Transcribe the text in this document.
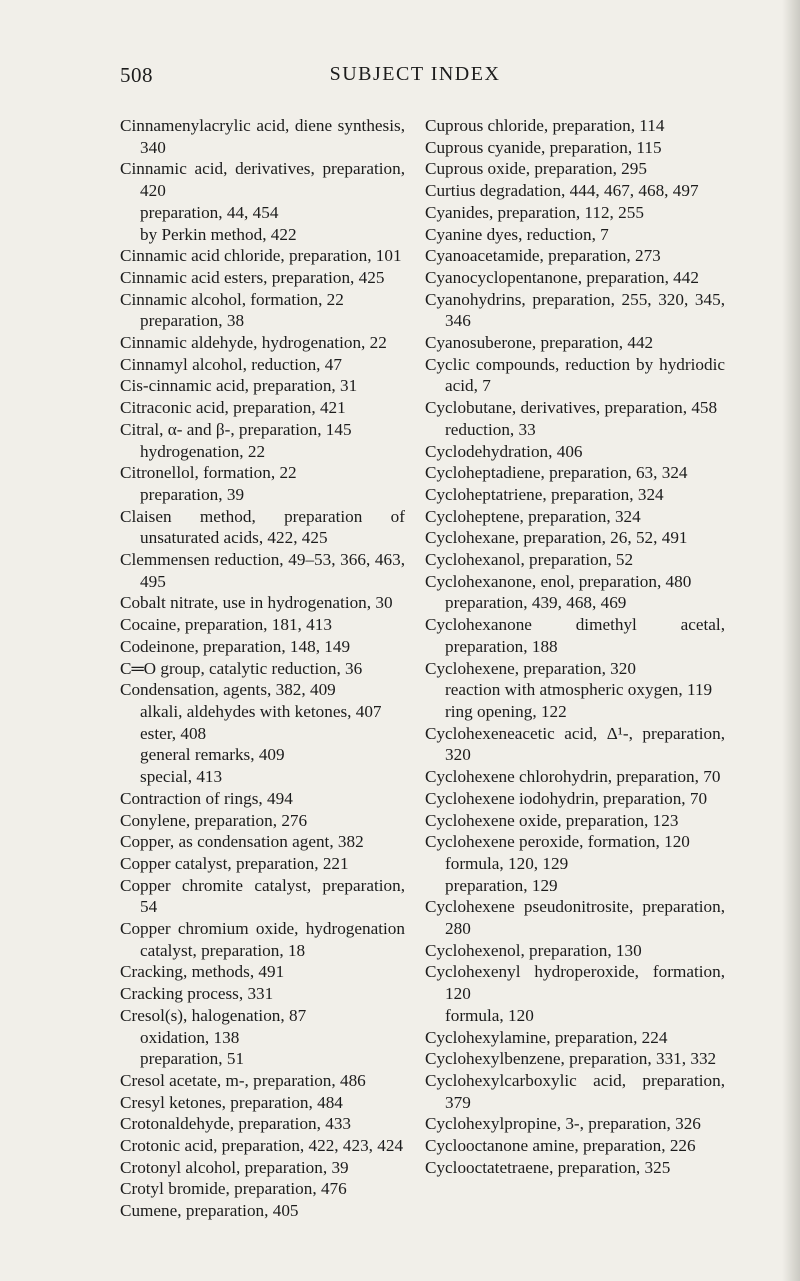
508	SUBJECT INDEX

Cinnamenylacrylic acid, diene synthesis, 340

Cinnamic acid, derivatives, preparation, 420

preparation, 44, 454

by Perkin method, 422

Cinnamic acid chloride, preparation, 101

Cinnamic acid esters, preparation, 425

Cinnamic alcohol, formation, 22

preparation, 38

Cinnamic aldehyde, hydrogenation, 22

Cinnamyl alcohol, reduction, 47

Cis-cinnamic acid, preparation, 31

Citraconic acid, preparation, 421

Citral, α- and β-, preparation, 145

hydrogenation, 22

Citronellol, formation, 22

preparation, 39

Claisen method, preparation of unsaturated acids, 422, 425

Clemmensen reduction, 49–53, 366, 463, 495

Cobalt nitrate, use in hydrogenation, 30

Cocaine, preparation, 181, 413

Codeinone, preparation, 148, 149

C═O group, catalytic reduction, 36

Condensation, agents, 382, 409

alkali, aldehydes with ketones, 407

ester, 408

general remarks, 409

special, 413

Contraction of rings, 494

Conylene, preparation, 276

Copper, as condensation agent, 382

Copper catalyst, preparation, 221

Copper chromite catalyst, preparation, 54

Copper chromium oxide, hydrogenation catalyst, preparation, 18

Cracking, methods, 491

Cracking process, 331

Cresol(s), halogenation, 87

oxidation, 138

preparation, 51

Cresol acetate, m-, preparation, 486

Cresyl ketones, preparation, 484

Crotonaldehyde, preparation, 433

Crotonic acid, preparation, 422, 423, 424

Crotonyl alcohol, preparation, 39

Crotyl bromide, preparation, 476

Cumene, preparation, 405

Cuprous chloride, preparation, 114

Cuprous cyanide, preparation, 115

Cuprous oxide, preparation, 295

Curtius degradation, 444, 467, 468, 497

Cyanides, preparation, 112, 255

Cyanine dyes, reduction, 7

Cyanoacetamide, preparation, 273

Cyanocyclopentanone, preparation, 442

Cyanohydrins, preparation, 255, 320, 345, 346

Cyanosuberone, preparation, 442

Cyclic compounds, reduction by hydriodic acid, 7

Cyclobutane, derivatives, preparation, 458

reduction, 33

Cyclodehydration, 406

Cycloheptadiene, preparation, 63, 324

Cycloheptatriene, preparation, 324

Cycloheptene, preparation, 324

Cyclohexane, preparation, 26, 52, 491

Cyclohexanol, preparation, 52

Cyclohexanone, enol, preparation, 480

preparation, 439, 468, 469

Cyclohexanone dimethyl acetal, preparation, 188

Cyclohexene, preparation, 320

reaction with atmospheric oxygen, 119

ring opening, 122

Cyclohexeneacetic acid, Δ¹-, preparation, 320

Cyclohexene chlorohydrin, preparation, 70

Cyclohexene iodohydrin, preparation, 70

Cyclohexene oxide, preparation, 123

Cyclohexene peroxide, formation, 120

formula, 120, 129

preparation, 129

Cyclohexene pseudonitrosite, preparation, 280

Cyclohexenol, preparation, 130

Cyclohexenyl hydroperoxide, formation, 120

formula, 120

Cyclohexylamine, preparation, 224

Cyclohexylbenzene, preparation, 331, 332

Cyclohexylcarboxylic acid, preparation, 379

Cyclohexylpropine, 3-, preparation, 326

Cyclooctanone amine, preparation, 226

Cyclooctatetraene, preparation, 325
